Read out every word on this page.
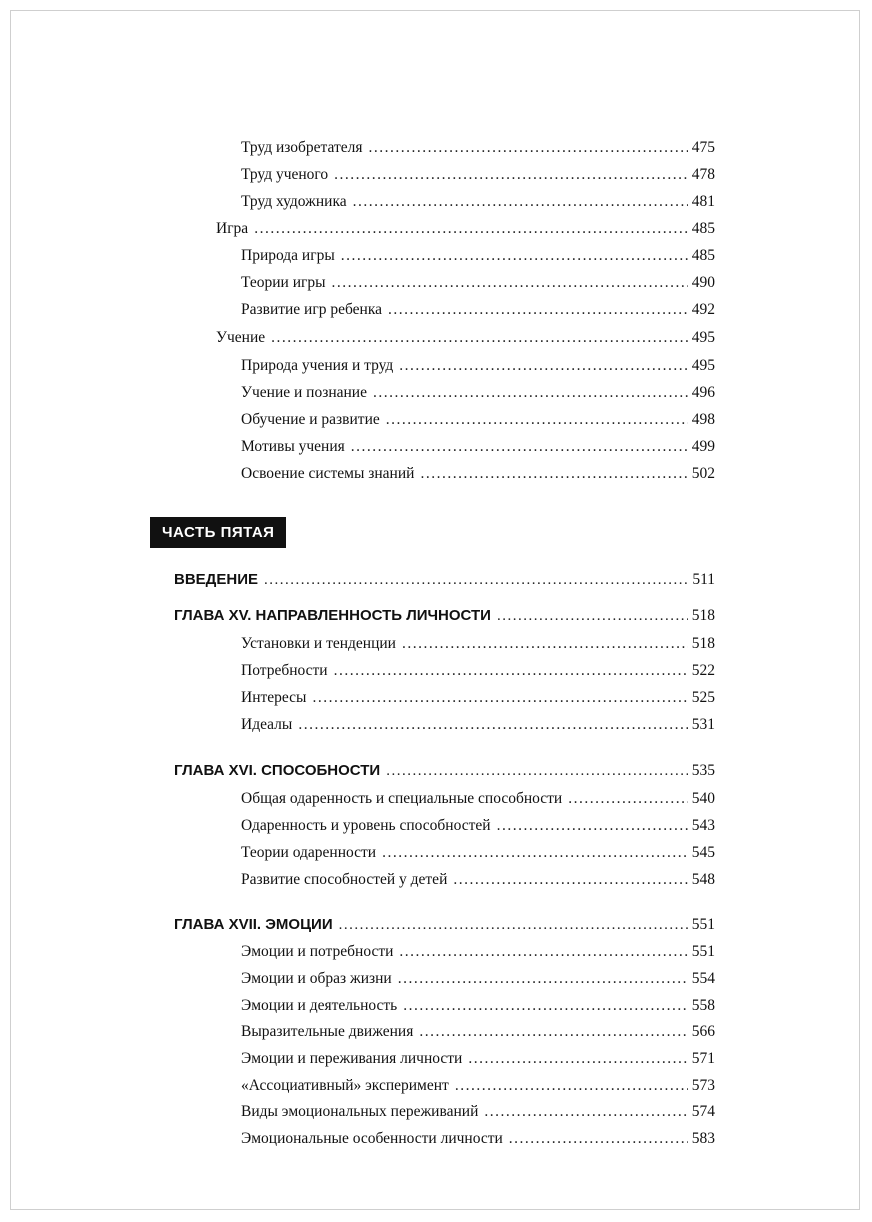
Труд изобретателя .....	475
Труд ученого .....	478
Труд художника .....	481
Игра .....	485
Природа игры .....	485
Теории игры .....	490
Развитие игр ребенка .....	492
Учение .....	495
Природа учения и труд .....	495
Учение и познание .....	496
Обучение и развитие .....	498
Мотивы учения .....	499
Освоение системы знаний .....	502
ЧАСТЬ ПЯТАЯ
ВВЕДЕНИЕ .....	511
ГЛАВА XV. НАПРАВЛЕННОСТЬ ЛИЧНОСТИ .....	518
Установки и тенденции .....	518
Потребности .....	522
Интересы .....	525
Идеалы .....	531
ГЛАВА XVI. СПОСОБНОСТИ .....	535
Общая одаренность и специальные способности .....	540
Одаренность и уровень способностей .....	543
Теории одаренности .....	545
Развитие способностей у детей .....	548
ГЛАВА XVII. ЭМОЦИИ .....	551
Эмоции и потребности .....	551
Эмоции и образ жизни .....	554
Эмоции и деятельность .....	558
Выразительные движения .....	566
Эмоции и переживания личности .....	571
«Ассоциативный» эксперимент .....	573
Виды эмоциональных переживаний .....	574
Эмоциональные особенности личности .....	583
